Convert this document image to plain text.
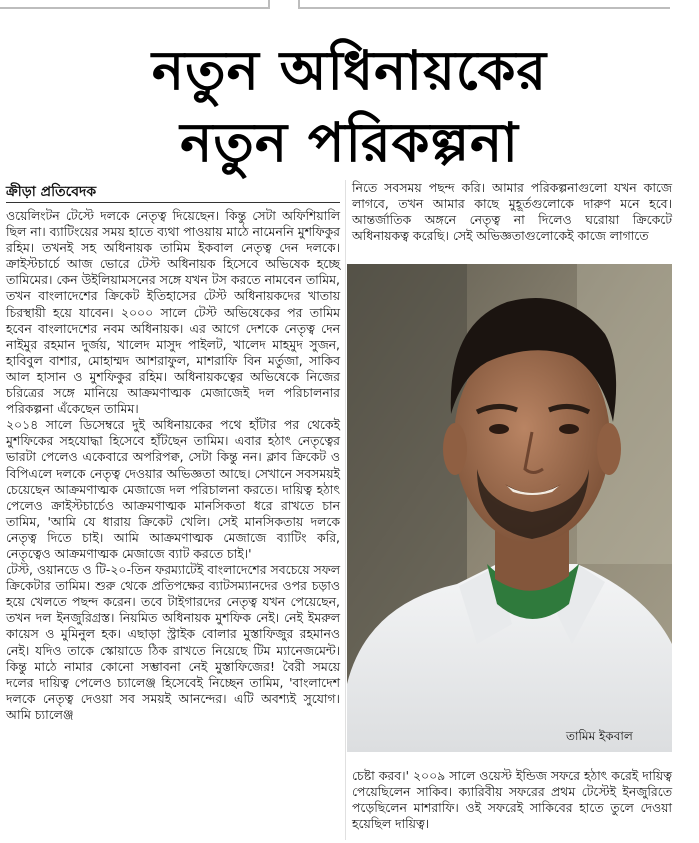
নতুন অধিনায়কের
নতুন পরিকল্পনা
ক্রীড়া প্রতিবেদক

ওয়েলিংটন টেস্টে দলকে নেতৃত্ব দিয়েছেন। কিন্তু সেটা অফিশিয়ালি ছিল না। ব্যাটিংয়ের সময় হাতে ব্যথা পাওয়ায় মাঠে নামেননি মুশফিকুর রহিম। তখনই সহ অধিনায়ক তামিম ইকবাল নেতৃত্ব দেন দলকে। ক্রাইস্টচার্চে আজ ভোরে টেস্ট অধিনায়ক হিসেবে অভিষেক হচ্ছে তামিমের। কেন উইলিয়ামসনের সঙ্গে যখন টস করতে নামবেন তামিম, তখন বাংলাদেশের ক্রিকেট ইতিহাসের টেস্ট অধিনায়কদের খাতায় চিরস্থায়ী হয়ে যাবেন। ২০০০ সালে টেস্ট অভিষেকের পর তামিম হবেন বাংলাদেশের নবম অধিনায়ক। এর আগে দেশকে নেতৃত্ব দেন নাইমুর রহমান দুর্জয়, খালেদ মাসুদ পাইলট, খালেদ মাহমুদ সুজন, হাবিবুল বাশার, মোহাম্মদ আশরাফুল, মাশরাফি বিন মর্তুজা, সাকিব আল হাসান ও মুশফিকুর রহিম। অধিনায়কত্বের অভিষেকে নিজের চরিত্রের সঙ্গে মানিয়ে আক্রমণাত্মক মেজাজেই দল পরিচালনার পরিকল্পনা এঁকেছেন তামিম।

২০১৪ সালে ডিসেম্বরে দুই অধিনায়কের পথে হাঁটার পর থেকেই মুশফিকের সহযোদ্ধা হিসেবে হাঁটছেন তামিম। এবার হঠাৎ নেতৃত্বের ভারটা পেলেও একেবারে অপরিপক্ব, সেটা কিন্তু নন। ক্লাব ক্রিকেট ও বিপিএলে দলকে নেতৃত্ব দেওয়ার অভিজ্ঞতা আছে। সেখানে সবসময়ই চেয়েছেন আক্রমণাত্মক মেজাজে দল পরিচালনা করতে। দায়িত্ব হঠাৎ পেলেও ক্রাইস্টচার্চেও আক্রমণাত্মক মানসিকতা ধরে রাখতে চান তামিম, 'আমি যে ধারায় ক্রিকেট খেলি। সেই মানসিকতায় দলকে নেতৃত্ব দিতে চাই। আমি আক্রমণাত্মক মেজাজে ব্যাটিং করি, নেতৃত্বেও আক্রমণাত্মক মেজাজে ব্যাট করতে চাই।'

টেস্ট, ওয়ানডে ও টি-২০-তিন ফরম্যাটেই বাংলাদেশের সবচেয়ে সফল ক্রিকেটার তামিম। শুরু থেকে প্রতিপক্ষের ব্যাটসম্যানদের ওপর চড়াও হয়ে খেলতে পছন্দ করেন। তবে টাইগারদের নেতৃত্ব যখন পেয়েছেন, তখন দল ইনজুরিগ্রস্ত। নিয়মিত অধিনায়ক মুশফিক নেই। নেই ইমরুল কায়েস ও মুমিনুল হক। এছাড়া স্ট্রাইক বোলার মুস্তাফিজুর রহমানও নেই। যদিও তাকে স্কোয়াডে ঠিক রাখতে নিয়েছে টিম ম্যানেজমেন্ট। কিন্তু মাঠে নামার কোনো সম্ভাবনা নেই মুস্তাফিজের! বৈরী সময়ে দলের দায়িত্ব পেলেও চ্যালেঞ্জ হিসেবেই নিচ্ছেন তামিম, 'বাংলাদেশ দলকে নেতৃত্ব দেওয়া সব সময়ই আনন্দের। এটি অবশ্যই সুযোগ। আমি চ্যালেঞ্জ

নিতে সবসময় পছন্দ করি। আমার পরিকল্পনাগুলো যখন কাজে লাগবে, তখন আমার কাছে মুহূর্তগুলোকে দারুণ মনে হবে। আন্তর্জাতিক অঙ্গনে নেতৃত্ব না দিলেও ঘরোয়া ক্রিকেটে অধিনায়কত্ব করেছি। সেই অভিজ্ঞতাগুলোকেই কাজে লাগাতে

তামিম ইকবাল

চেষ্টা করব।' ২০০৯ সালে ওয়েস্ট ইন্ডিজ সফরে হঠাৎ করেই দায়িত্ব পেয়েছিলেন সাকিব। ক্যারিবীয় সফরের প্রথম টেস্টেই ইনজুরিতে পড়েছিলেন মাশরাফি। ওই সফরেই সাকিবের হাতে তুলে দেওয়া হয়েছিল দায়িত্ব।
